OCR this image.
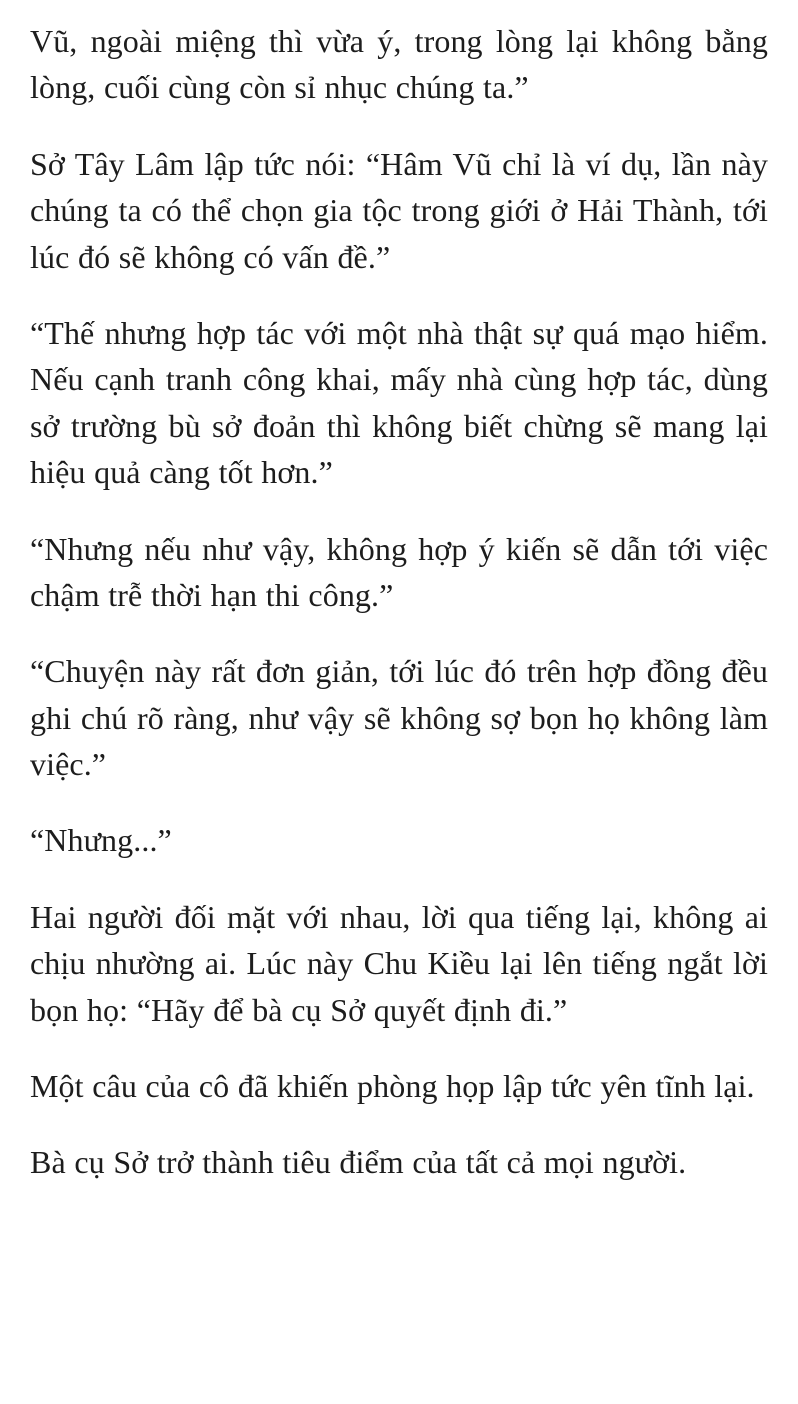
Vũ, ngoài miệng thì vừa ý, trong lòng lại không bằng lòng, cuối cùng còn sỉ nhục chúng ta.”

Sở Tây Lâm lập tức nói: “Hâm Vũ chỉ là ví dụ, lần này chúng ta có thể chọn gia tộc trong giới ở Hải Thành, tới lúc đó sẽ không có vấn đề.”

“Thế nhưng hợp tác với một nhà thật sự quá mạo hiểm. Nếu cạnh tranh công khai, mấy nhà cùng hợp tác, dùng sở trường bù sở đoản thì không biết chừng sẽ mang lại hiệu quả càng tốt hơn.”

“Nhưng nếu như vậy, không hợp ý kiến sẽ dẫn tới việc chậm trễ thời hạn thi công.”

“Chuyện này rất đơn giản, tới lúc đó trên hợp đồng đều ghi chú rõ ràng, như vậy sẽ không sợ bọn họ không làm việc.”

“Nhưng...”

Hai người đối mặt với nhau, lời qua tiếng lại, không ai chịu nhường ai. Lúc này Chu Kiều lại lên tiếng ngắt lời bọn họ: “Hãy để bà cụ Sở quyết định đi.”

Một câu của cô đã khiến phòng họp lập tức yên tĩnh lại.

Bà cụ Sở trở thành tiêu điểm của tất cả mọi người.
